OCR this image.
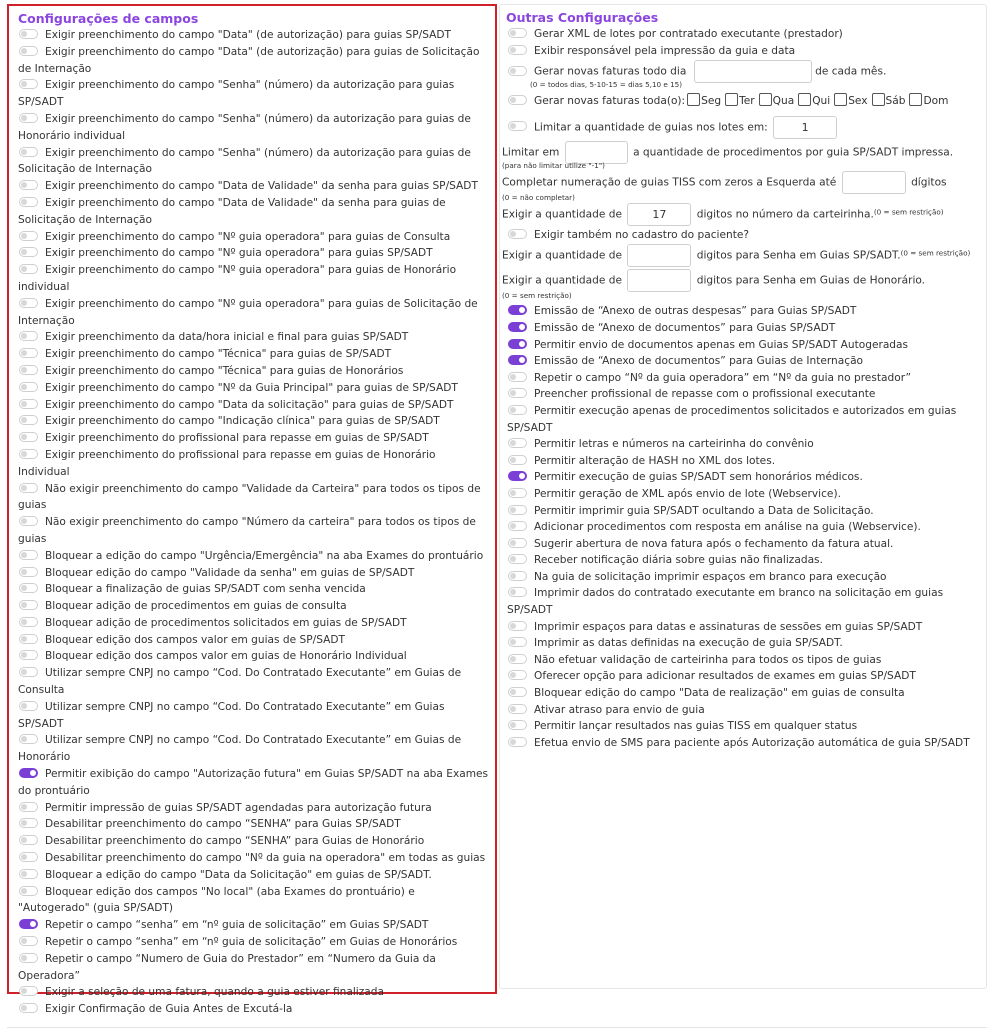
Configurações de campos
Exigir preenchimento do campo "Data" (de autorização) para guias SP/SADT
Exigir preenchimento do campo "Data" (de autorização) para guias de Solicitação de Internação
Exigir preenchimento do campo "Senha" (número) da autorização para guias SP/SADT
Exigir preenchimento do campo "Senha" (número) da autorização para guias de Honorário individual
Exigir preenchimento do campo "Senha" (número) da autorização para guias de Solicitação de Internação
Exigir preenchimento do campo "Data de Validade" da senha para guias SP/SADT
Exigir preenchimento do campo "Data de Validade" da senha para guias de Solicitação de Internação
Exigir preenchimento do campo "Nº guia operadora" para guias de Consulta
Exigir preenchimento do campo "Nº guia operadora" para guias SP/SADT
Exigir preenchimento do campo "Nº guia operadora" para guias de Honorário individual
Exigir preenchimento do campo "Nº guia operadora" para guias de Solicitação de Internação
Exigir preenchimento da data/hora inicial e final para guias SP/SADT
Exigir preenchimento do campo "Técnica" para guias de SP/SADT
Exigir preenchimento do campo "Técnica" para guias de Honorários
Exigir preenchimento do campo "Nº da Guia Principal" para guias de SP/SADT
Exigir preenchimento do campo "Data da solicitação" para guias de SP/SADT
Exigir preenchimento do campo "Indicação clínica" para guias de SP/SADT
Exigir preenchimento do profissional para repasse em guias de SP/SADT
Exigir preenchimento do profissional para repasse em guias de Honorário Individual
Não exigir preenchimento do campo "Validade da Carteira" para todos os tipos de guias
Não exigir preenchimento do campo "Número da carteira" para todos os tipos de guias
Bloquear a edição do campo "Urgência/Emergência" na aba Exames do prontuário
Bloquear edição do campo "Validade da senha" em guias de SP/SADT
Bloquear a finalização de guias SP/SADT com senha vencida
Bloquear adição de procedimentos em guias de consulta
Bloquear adição de procedimentos solicitados em guias de SP/SADT
Bloquear edição dos campos valor em guias de SP/SADT
Bloquear edição dos campos valor em guias de Honorário Individual
Utilizar sempre CNPJ no campo “Cod. Do Contratado Executante” em Guias de Consulta
Utilizar sempre CNPJ no campo “Cod. Do Contratado Executante” em Guias SP/SADT
Utilizar sempre CNPJ no campo “Cod. Do Contratado Executante” em Guias de Honorário
Permitir exibição do campo "Autorização futura" em Guias SP/SADT na aba Exames do prontuário
Permitir impressão de guias SP/SADT agendadas para autorização futura
Desabilitar preenchimento do campo “SENHA” para Guias SP/SADT
Desabilitar preenchimento do campo “SENHA” para Guias de Honorário
Desabilitar preenchimento do campo "Nº da guia na operadora" em todas as guias
Bloquear a edição do campo "Data da Solicitação" em guias de SP/SADT.
Bloquear edição dos campos "No local" (aba Exames do prontuário) e "Autogerado" (guia SP/SADT)
Repetir o campo “senha” em “nº guia de solicitação” em Guias SP/SADT
Repetir o campo “senha” em “nº guia de solicitação” em Guias de Honorários
Repetir o campo “Numero de Guia do Prestador” em “Numero da Guia da Operadora”
Exigir a seleção de uma fatura, quando a guia estiver finalizada
Exigir Confirmação de Guia Antes de Excutá-la
Outras Configurações
Gerar XML de lotes por contratado executante (prestador)
Exibir responsável pela impressão da guia e data
Gerar novas faturas todo dia	de cada mês.
(0 = todos dias, 5-10-15 = dias 5,10 e 15)
Gerar novas faturas toda(o): Seg Ter Qua Qui Sex Sáb Dom
Limitar a quantidade de guias nos lotes em:	1
Limitar em	a quantidade de procedimentos por guia SP/SADT impressa.
(para não limitar utilize "-1")
Completar numeração de guias TISS com zeros a Esquerda até	dígitos
(0 = não completar)
Exigir a quantidade de	17	digitos no número da carteirinha.$^{(0 = sem restrição)}$
Exigir também no cadastro do paciente?
Exigir a quantidade de	digitos para Senha em Guias SP/SADT.$^{(0 = sem restrição)}$
Exigir a quantidade de	digitos para Senha em Guias de Honorário.
(0 = sem restrição)
Emissão de “Anexo de outras despesas” para Guias SP/SADT
Emissão de “Anexo de documentos” para Guias SP/SADT
Permitir envio de documentos apenas em Guias SP/SADT Autogeradas
Emissão de “Anexo de documentos” para Guias de Internação
Repetir o campo “Nº da guia operadora” em “Nº da guia no prestador”
Preencher profissional de repasse com o profissional executante
Permitir execução apenas de procedimentos solicitados e autorizados em guias SP/SADT
Permitir letras e números na carteirinha do convênio
Permitir alteração de HASH no XML dos lotes.
Permitir execução de guias SP/SADT sem honorários médicos.
Permitir geração de XML após envio de lote (Webservice).
Permitir imprimir guia SP/SADT ocultando a Data de Solicitação.
Adicionar procedimentos com resposta em análise na guia (Webservice).
Sugerir abertura de nova fatura após o fechamento da fatura atual.
Receber notificação diária sobre guias não finalizadas.
Na guia de solicitação imprimir espaços em branco para execução
Imprimir dados do contratado executante em branco na solicitação em guias SP/SADT
Imprimir espaços para datas e assinaturas de sessões em guias SP/SADT
Imprimir as datas definidas na execução de guia SP/SADT.
Não efetuar validação de carteirinha para todos os tipos de guias
Oferecer opção para adicionar resultados de exames em guias SP/SADT
Bloquear edição do campo "Data de realização" em guias de consulta
Ativar atraso para envio de guia
Permitir lançar resultados nas guias TISS em qualquer status
Efetua envio de SMS para paciente após Autorização automática de guia SP/SADT
